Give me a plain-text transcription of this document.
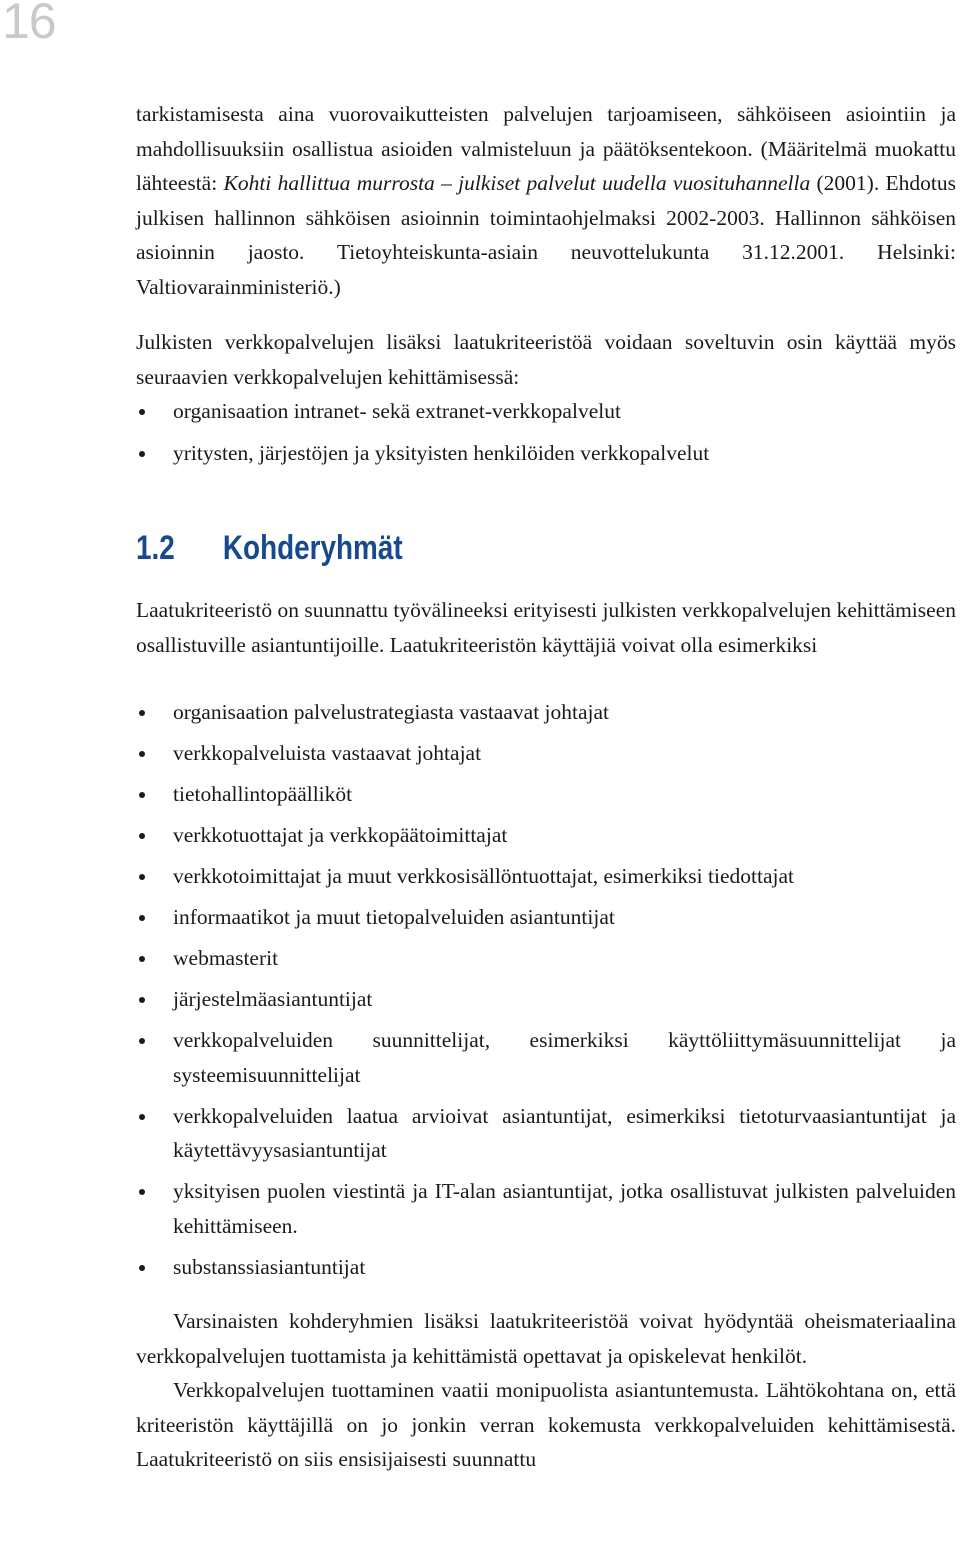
16

tarkistamisesta aina vuorovaikutteisten palvelujen tarjoamiseen, sähköiseen asiointiin ja mahdollisuuksiin osallistua asioiden valmisteluun ja päätöksentekoon. (Määritelmä muokattu lähteestä: Kohti hallittua murrosta – julkiset palvelut uudella vuosituhannella (2001). Ehdotus julkisen hallinnon sähköisen asioinnin toimintaohjelmaksi 2002-2003. Hallinnon sähköisen asioinnin jaosto. Tietoyhteiskunta-asiain neuvottelukunta 31.12.2001. Helsinki: Valtiovarainministeriö.)

Julkisten verkkopalvelujen lisäksi laatukriteeristöä voidaan soveltuvin osin käyttää myös seuraavien verkkopalvelujen kehittämisessä:

organisaation intranet- sekä extranet-verkkopalvelut
yritysten, järjestöjen ja yksityisten henkilöiden verkkopalvelut
1.2 Kohderyhmät

Laatukriteeristö on suunnattu työvälineeksi erityisesti julkisten verkkopalvelujen kehittämiseen osallistuville asiantuntijoille. Laatukriteeristön käyttäjiä voivat olla esimerkiksi

organisaation palvelustrategiasta vastaavat johtajat
verkkopalveluista vastaavat johtajat
tietohallintopäälliköt
verkkotuottajat ja verkkopäätoimittajat
verkkotoimittajat ja muut verkkosisällöntuottajat, esimerkiksi tiedottajat
informaatikot ja muut tietopalveluiden asiantuntijat
webmasterit
järjestelmäasiantuntijat
verkkopalveluiden suunnittelijat, esimerkiksi käyttöliittymäsuunnittelijat ja systeemisuunnittelijat
verkkopalveluiden laatua arvioivat asiantuntijat, esimerkiksi tietoturvaasiantuntijat ja käytettävyysasiantuntijat
yksityisen puolen viestintä ja IT-alan asiantuntijat, jotka osallistuvat julkisten palveluiden kehittämiseen.
substanssiasiantuntijat

Varsinaisten kohderyhmien lisäksi laatukriteeristöä voivat hyödyntää oheismateriaalina verkkopalvelujen tuottamista ja kehittämistä opettavat ja opiskelevat henkilöt.

Verkkopalvelujen tuottaminen vaatii monipuolista asiantuntemusta. Lähtökohtana on, että kriteeristön käyttäjillä on jo jonkin verran kokemusta verkkopalveluiden kehittämisestä. Laatukriteeristö on siis ensisijaisesti suunnattu
